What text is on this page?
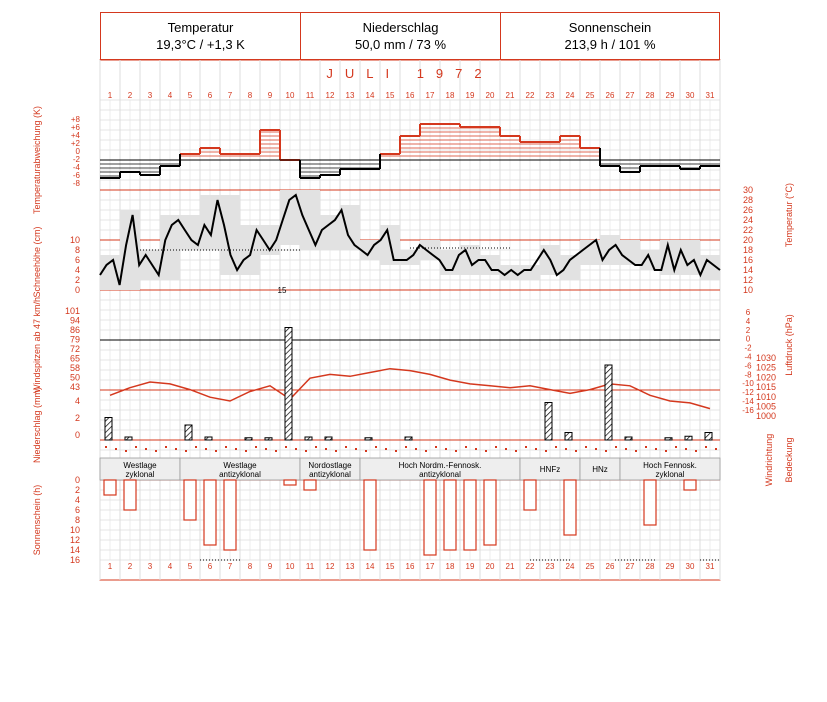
Temperatur
19,3°C / +1,3 K
Niederschlag
50,0 mm / 73 %
Sonnenschein
213,9 h / 101 %
JULI 1972
1
1
2
2
3
3
4
4
5
5
6
6
7
7
8
8
9
9
10
10
11
11
12
12
13
13
14
14
15
15
16
16
17
17
18
18
19
19
20
20
21
21
22
22
23
23
24
24
25
25
26
26
27
27
28
28
29
29
30
30
31
31
+8
+6
+4
+2
0
-2
-4
-6
-8
Temperaturabweichung (K)	30
28
26
24
22
20
18
16
14
12
10
Temperatur (°C)
10
8
6
4
2
0
Schneehöhe (cm)
101
94
86
79
72
65
58
50
43
Windspitzen ab 47 km/h	1030
1025
1020
1015
1010
1005
1000
6
4
2
0
-2
-4
-6
-8
-10
-12
-14
-16
Luftdruck (hPa)
15
4
2
0
Niederschlag (mm)	Windrichtung Bedeckung
Westlage
zyklonal
Westlage
antizyklonal
Nordostlage
antizyklonal
Hoch Nordm.-Fennosk.
antizyklonal
HNFz	HNz	Hoch Fennosk.
zyklonal
0
2
4
6
8
10
12
14
16
Sonnenschein (h)
